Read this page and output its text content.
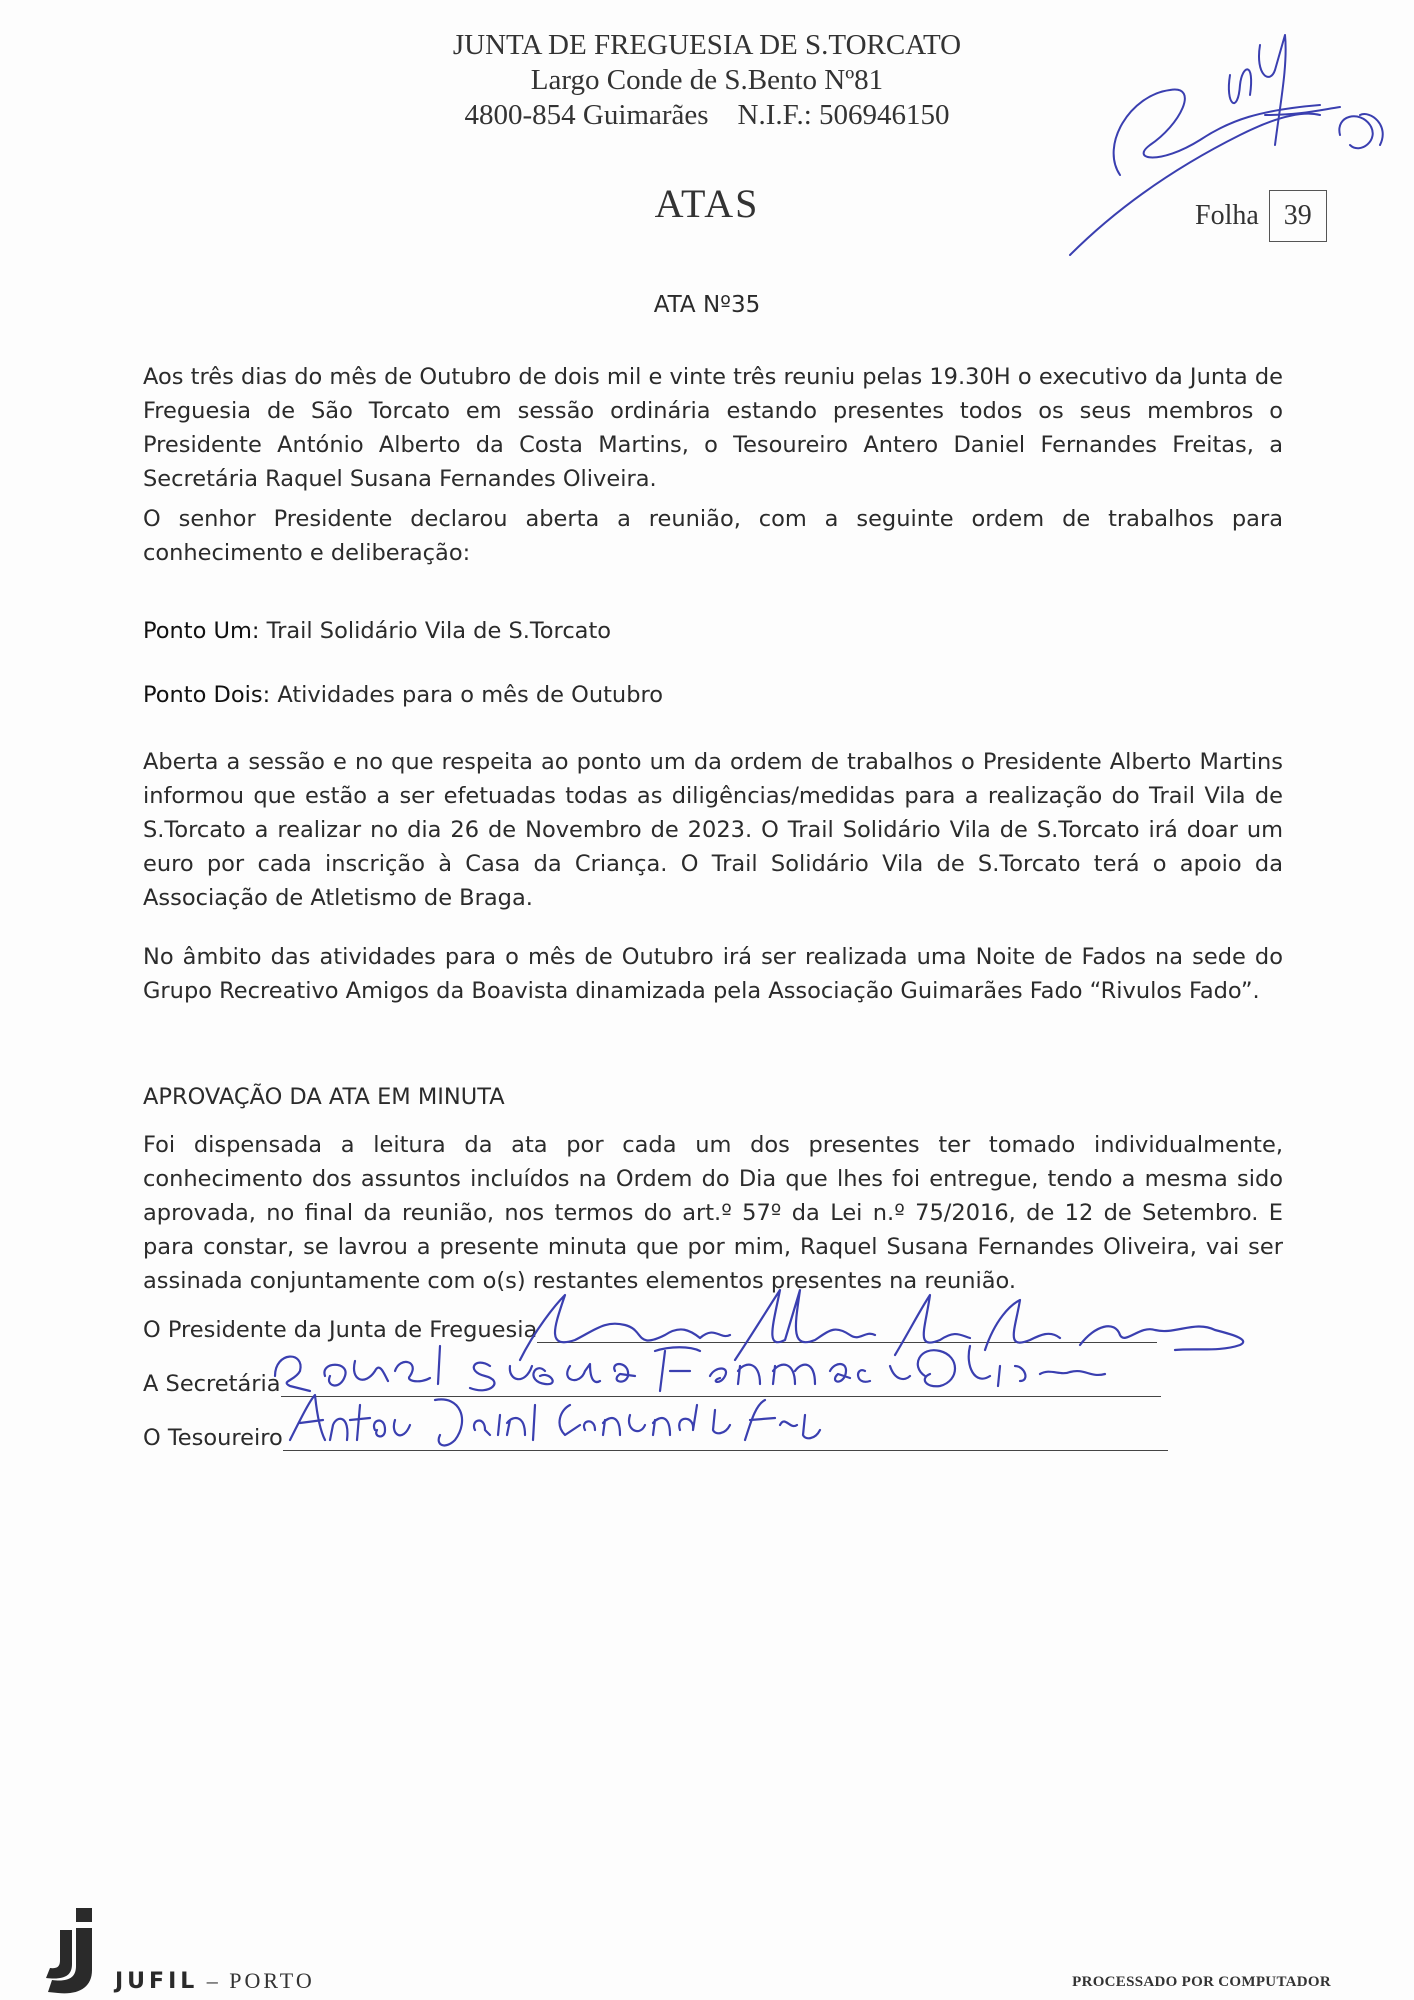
JUNTA DE FREGUESIA DE S.TORCATO
Largo Conde de S.Bento Nº81
4800-854 Guimarães N.I.F.: 506946150
ATAS	Folha 39
ATA Nº35
Aos três dias do mês de Outubro de dois mil e vinte três reuniu pelas 19.30H o executivo da Junta de Freguesia de São Torcato em sessão ordinária estando presentes todos os seus membros o Presidente António Alberto da Costa Martins, o Tesoureiro Antero Daniel Fernandes Freitas, a Secretária Raquel Susana Fernandes Oliveira.
O senhor Presidente declarou aberta a reunião, com a seguinte ordem de trabalhos para conhecimento e deliberação:
Ponto Um: Trail Solidário Vila de S.Torcato
Ponto Dois: Atividades para o mês de Outubro
Aberta a sessão e no que respeita ao ponto um da ordem de trabalhos o Presidente Alberto Martins informou que estão a ser efetuadas todas as diligências/medidas para a realização do Trail Vila de S.Torcato a realizar no dia 26 de Novembro de 2023. O Trail Solidário Vila de S.Torcato irá doar um euro por cada inscrição à Casa da Criança. O Trail Solidário Vila de S.Torcato terá o apoio da Associação de Atletismo de Braga.
No âmbito das atividades para o mês de Outubro irá ser realizada uma Noite de Fados na sede do Grupo Recreativo Amigos da Boavista dinamizada pela Associação Guimarães Fado “Rivulos Fado”.
APROVAÇÃO DA ATA EM MINUTA
Foi dispensada a leitura da ata por cada um dos presentes ter tomado individualmente, conhecimento dos assuntos incluídos na Ordem do Dia que lhes foi entregue, tendo a mesma sido aprovada, no final da reunião, nos termos do art.º 57º da Lei n.º 75/2016, de 12 de Setembro. E para constar, se lavrou a presente minuta que por mim, Raquel Susana Fernandes Oliveira, vai ser assinada conjuntamente com o(s) restantes elementos presentes na reunião.
O Presidente da Junta de Freguesia
A Secretária
O Tesoureiro
JUFIL – PORTO	PROCESSADO POR COMPUTADOR
